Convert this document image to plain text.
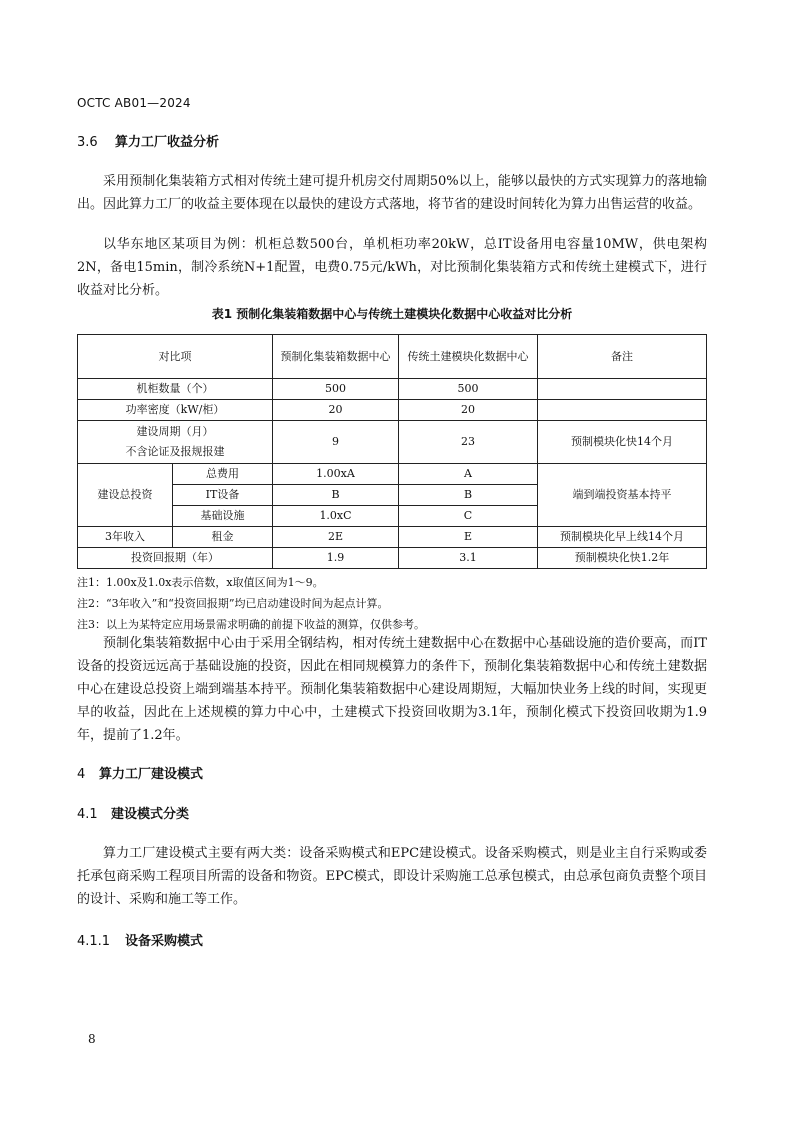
OCTC AB01—2024
3.6 算力工厂收益分析
采用预制化集装箱方式相对传统土建可提升机房交付周期50%以上，能够以最快的方式实现算力的落地输出。因此算力工厂的收益主要体现在以最快的建设方式落地，将节省的建设时间转化为算力出售运营的收益。
以华东地区某项目为例：机柜总数500台，单机柜功率20kW，总IT设备用电容量10MW，供电架构2N，备电15min，制冷系统N+1配置，电费0.75元/kWh，对比预制化集装箱方式和传统土建模式下，进行收益对比分析。
表1 预制化集装箱数据中心与传统土建模块化数据中心收益对比分析
对比项		预制化集装箱数据中心	传统土建模块化数据中心	备注
机柜数量（个）		500	500	
功率密度（kW/柜）		20	20	

建设周期（月）
不含论证及报规报建		9	23	预制模块化快14个月
建设总投资	总费用	1.00xA	A	端到端投资基本持平
	IT设备	B	B	
	基础设施	1.0xC	C	
3年收入	租金	2E	E	预制模块化早上线14个月
投资回报期（年）		1.9	3.1	预制模块化快1.2年
注1：1.00x及1.0x表示倍数，x取值区间为1～9。
注2：“3年收入”和“投资回报期”均已启动建设时间为起点计算。
注3：以上为某特定应用场景需求明确的前提下收益的测算，仅供参考。
预制化集装箱数据中心由于采用全钢结构，相对传统土建数据中心在数据中心基础设施的造价要高，而IT设备的投资远远高于基础设施的投资，因此在相同规模算力的条件下，预制化集装箱数据中心和传统土建数据中心在建设总投资上端到端基本持平。预制化集装箱数据中心建设周期短，大幅加快业务上线的时间，实现更早的收益，因此在上述规模的算力中心中，土建模式下投资回收期为3.1年，预制化模式下投资回收期为1.9年，提前了1.2年。
4 算力工厂建设模式
4.1 建设模式分类
算力工厂建设模式主要有两大类：设备采购模式和EPC建设模式。设备采购模式，则是业主自行采购或委托承包商采购工程项目所需的设备和物资。EPC模式，即设计采购施工总承包模式，由总承包商负责整个项目的设计、采购和施工等工作。
4.1.1 设备采购模式
8
